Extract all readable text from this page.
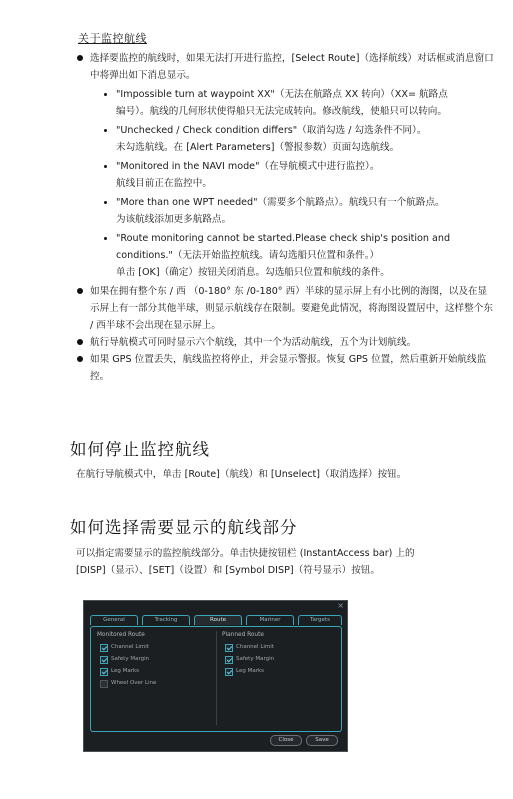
关于监控航线

选择要监控的航线时，如果无法打开进行监控，[Select Route]（选择航线）对话框或消息窗口中将弹出如下消息显示。

"Impossible turn at waypoint XX"（无法在航路点 XX 转向）（XX= 航路点

编号）。航线的几何形状使得船只无法完成转向。修改航线，使船只可以转向。

"Unchecked / Check condition differs"（取消勾选 / 勾选条件不同）。

未勾选航线。在 [Alert Parameters]（警报参数）页面勾选航线。

"Monitored in the NAVI mode"（在导航模式中进行监控）。

航线目前正在监控中。

"More than one WPT needed"（需要多个航路点）。航线只有一个航路点。

为该航线添加更多航路点。

"Route monitoring cannot be started.Please check ship's position and

conditions."（无法开始监控航线。请勾选船只位置和条件。）

单击 [OK]（确定）按钮关闭消息。勾选船只位置和航线的条件。

如果在拥有整个东 / 西 （0-180° 东 /0-180° 西）半球的显示屏上有小比例的海图，以及在显示屏上有一部分其他半球，则显示航线存在限制。要避免此情况，将海图设置居中，这样整个东 / 西半球不会出现在显示屏上。

航行导航模式可同时显示六个航线，其中一个为活动航线，五个为计划航线。

如果 GPS 位置丢失，航线监控将停止，并会显示警报。恢复 GPS 位置，然后重新开始航线监控。

如何停止监控航线
在航行导航模式中，单击 [Route]（航线）和 [Unselect]（取消选择）按钮。
如何选择需要显示的航线部分
可以指定需要显示的监控航线部分。单击快捷按钮栏 (InstantAccess bar) 上的
[DISP]（显示）、[SET]（设置）和 [Symbol DISP]（符号显示）按钮。
×
General	Tracking	Route	Mariner	Targets
Monitored Route
Channel Limit
Safety Margin
Leg Marks
Wheel Over Line
Planned Route
Channel Limit
Safety Margin
Leg Marks
Close	Save
